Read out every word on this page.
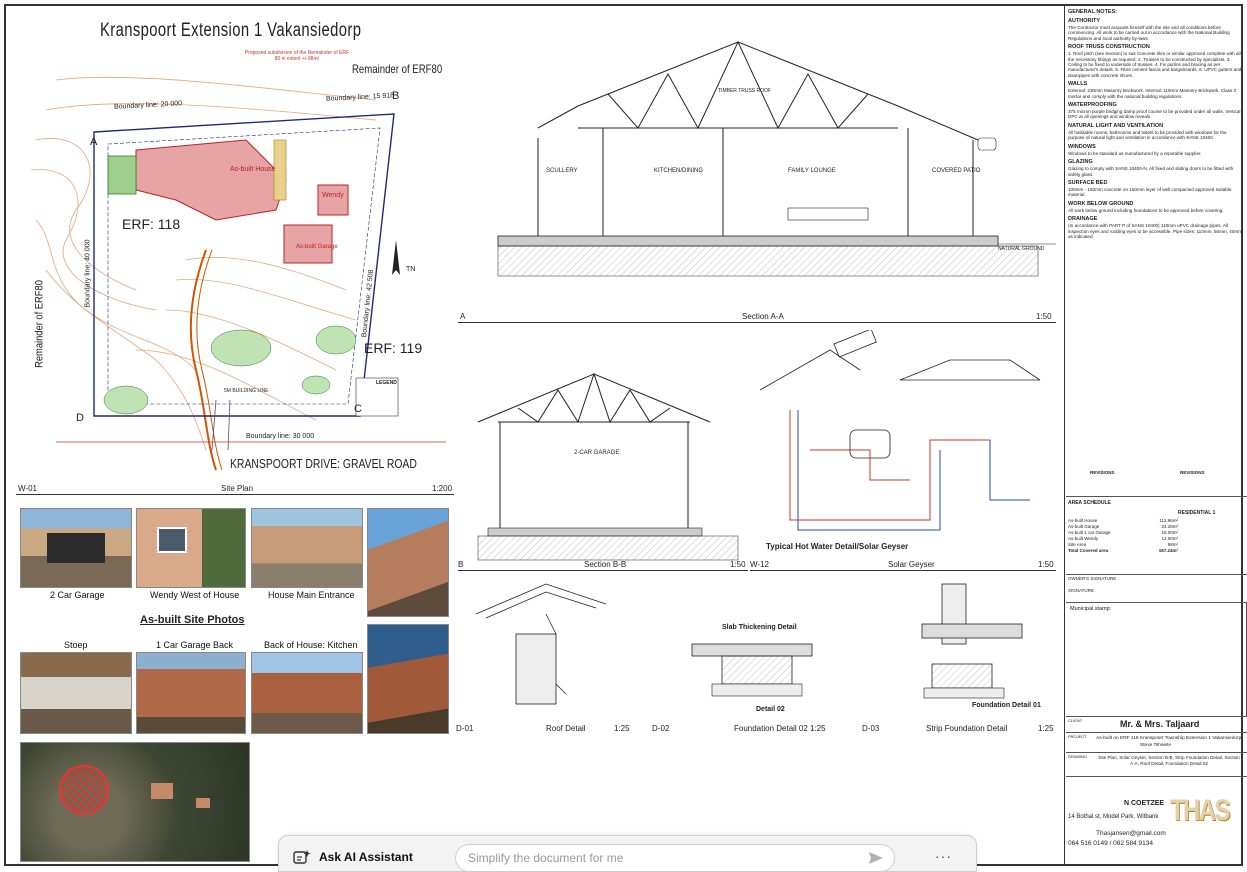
Kranspoort Extension 1 Vakansiedorp
Proposed subdivision of the Remainder of ERF 80 in extent +/-98m²
Remainder of ERF80
Remainder of ERF80
A
B
C
D
Boundary line: 20 000
Boundary line: 15 918
Boundary line: 40 000	Boundary line: 42 508
Boundary line: 30 000
ERF: 118
ERF: 119
As-built House
Wendy
As-built Garage
5M BUILDING LINE
TN
LEGEND
KRANSPOORT DRIVE: GRAVEL ROAD
W-01	Site Plan	1:200
2 Car Garage	Wendy West of House	House Main Entrance
As-built Site Photos
Stoep	1 Car Garage Back	Back of House: Kitchen
SCULLERY	KITCHEN/DINING	FAMILY LOUNGE	COVERED PATIO
TIMBER TRUSS ROOF
NATURAL GROUND
A	Section A-A	1:50
2-CAR GARAGE
B	Section B-B	1:50
Typical Hot Water Detail/Solar Geyser
W-12	Solar Geyser	1:50
D-01	Roof Detail	1:25
Slab Thickening Detail
Detail 02
D-02	Foundation Detail 02 1:25
Foundation Detail 01
D-03	Strip Foundation Detail	1:25
GENERAL NOTES:
AUTHORITY

The Contractor must acquaint himself with the site and all conditions before commencing. All work to be carried out in accordance with the National Building Regulations and local authority by-laws.

ROOF TRUSS CONSTRUCTION

1. Roof pitch (see Section) to suit Concrete tiles or similar approved complete with all the necessary fittings as required. 2. Trusses to be constructed by specialists. 3. Ceiling to be fixed to underside of trusses. 4. Fix purlins and bracing as per manufacturer's details. 5. Fibre cement fascia and bargeboards. 6. UPVC gutters and downpipes with concrete shoes.

WALLS

External: 230mm Masonry Brickwork. Internal: 115mm Masonry Brickwork. Class 3 mortar and comply with the national building regulations.

WATERPROOFING

375 micron purple bridging damp proof course to be provided under all walls. Vertical DPC at all openings and window reveals.

NATURAL LIGHT AND VENTILATION

All habitable rooms, bathrooms and toilets to be provided with windows for the purpose of natural light and ventilation in accordance with SANS 10400.

WINDOWS

Windows to be standard as manufactured by a reputable supplier.

GLAZING

Glazing to comply with SANS 10400-N. All fixed and sliding doors to be fitted with safety glass.

SURFACE BED

100mm - 150mm concrete on 150mm layer of well compacted approved suitable material.

WORK BELOW GROUND

All work below ground including foundations to be approved before covering.

DRAINAGE

(In accordance with PART P of SANS 10400) 110mm uPVC drainage pipes. All inspection eyes and rodding eyes to be accessible. Pipe sizes: 110mm, 50mm, 40mm as indicated.

AREA SCHEDULE
RESIDENTIAL 1
As-built House	112.96m²
As-built Garage	24.28m²
As-built 1 car Garage	18.00m²
As-built Wendy	12.00m²
Site Area	98m²
Total Covered area	167.24m²
REVISIONS	REVISIONS
OWNER'S SIGNATURE
SIGNATURE
Municipal stamp:
CLIENT	Mr. & Mrs. Taljaard
PROJECT As-built on ERF 118 Kranspoort Township Extension 1 Vakansiedorp
Steve Tshwete
DRAWING	Site Plan, Solar Geyser, Section B-B, Strip Foundation Detail, Section A-A, Roof Detail, Foundation Detail 02
N COETZEE
14 Bothal st, Model Park, Witbank
Thasjansen@gmail.com
064 516 0149 / 082 584 9134
THAS
Ask AI Assistant	Simplify the document for me	···
